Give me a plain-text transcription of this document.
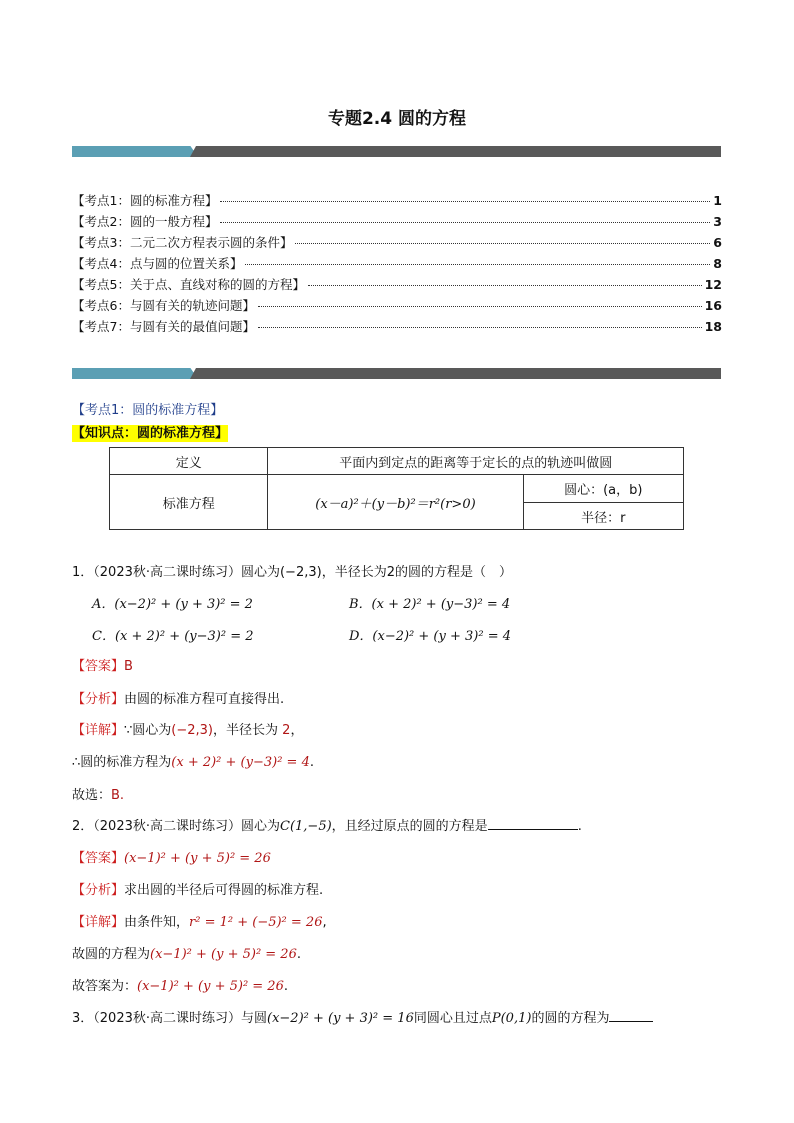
专题2.4 圆的方程
【考点1：圆的标准方程】	1
【考点2：圆的一般方程】	3
【考点3：二元二次方程表示圆的条件】	6
【考点4：点与圆的位置关系】	8
【考点5：关于点、直线对称的圆的方程】	12
【考点6：与圆有关的轨迹问题】	16
【考点7：与圆有关的最值问题】	18
【考点1：圆的标准方程】
【知识点：圆的标准方程】
定义	平面内到定点的距离等于定长的点的轨迹叫做圆	
标准方程	(x－a)²＋(y－b)²＝r²(r>0)	圆心：(a，b)
		半径：r
1．（2023秋·高二课时练习）圆心为(−2,3)，半径长为2的圆的方程是（　）
A．(x−2)² + (y + 3)² = 2	B．(x + 2)² + (y−3)² = 4
C．(x + 2)² + (y−3)² = 2	D．(x−2)² + (y + 3)² = 4
【答案】B
【分析】由圆的标准方程可直接得出.
【详解】∵圆心为(−2,3)，半径长为 2，
∴圆的标准方程为(x + 2)² + (y−3)² = 4.
故选：B.
2．（2023秋·高二课时练习）圆心为C(1,−5)，且经过原点的圆的方程是	.
【答案】(x−1)² + (y + 5)² = 26
【分析】求出圆的半径后可得圆的标准方程.
【详解】由条件知，r² = 1² + (−5)² = 26,
故圆的方程为(x−1)² + (y + 5)² = 26.
故答案为：(x−1)² + (y + 5)² = 26.
3．（2023秋·高二课时练习）与圆(x−2)² + (y + 3)² = 16同圆心且过点P(0,1)的圆的方程为
